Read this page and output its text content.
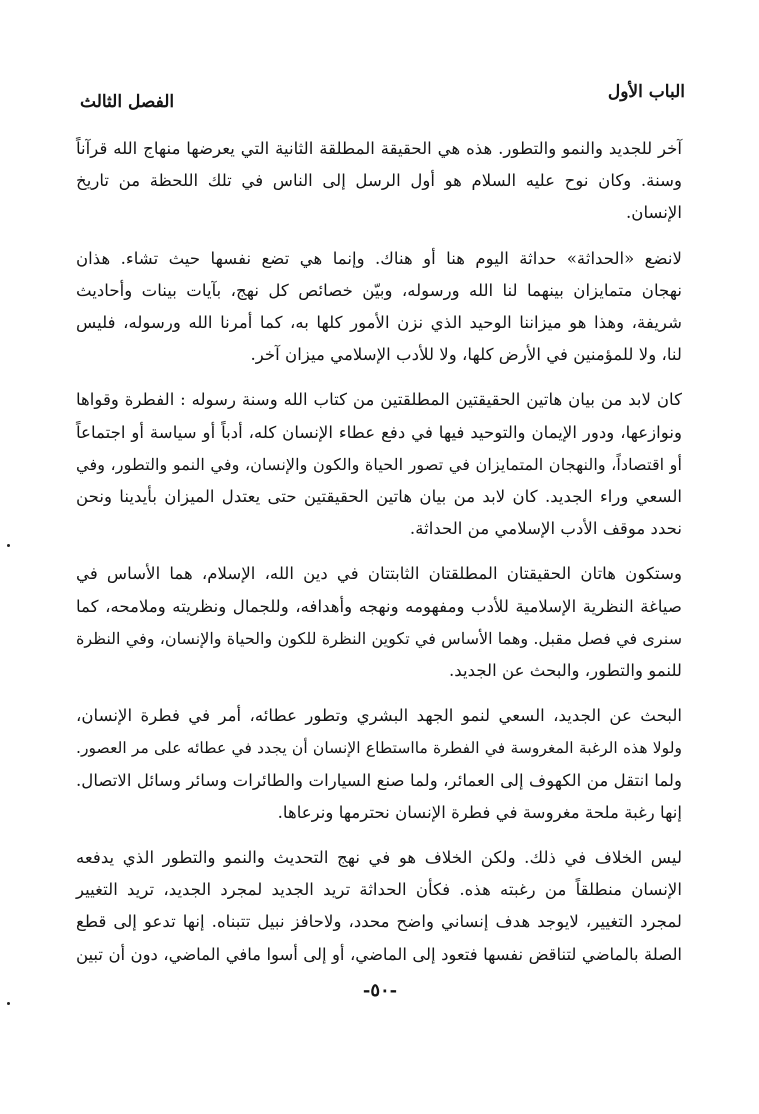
الباب الأول
الفصل الثالث
آخر للجديد والنمو والتطور. هذه هي الحقيقة المطلقة الثانية التي يعرضها منهاج الله قرآناً
وسنة. وكان نوح عليه السلام هو أول الرسل إلى الناس في تلك اللحظة من تاريخ
الإنسان.
لانضع «الحداثة» حداثة اليوم هنا أو هناك. وإنما هي تضع نفسها حيث تشاء. هذان
نهجان متمايزان بينهما لنا الله ورسوله، وبيّن خصائص كل نهج، بآيات بينات وأحاديث
شريفة، وهذا هو ميزاننا الوحيد الذي نزن الأمور كلها به، كما أمرنا الله ورسوله، فليس
لنا، ولا للمؤمنين في الأرض كلها، ولا للأدب الإسلامي ميزان آخر.
كان لابد من بيان هاتين الحقيقتين المطلقتين من كتاب الله وسنة رسوله : الفطرة وقواها
ونوازعها، ودور الإيمان والتوحيد فيها في دفع عطاء الإنسان كله، أدباً أو سياسة أو اجتماعاً
أو اقتصاداً، والنهجان المتمايزان في تصور الحياة والكون والإنسان، وفي النمو والتطور، وفي
السعي وراء الجديد. كان لابد من بيان هاتين الحقيقتين حتى يعتدل الميزان بأيدينا ونحن
نحدد موقف الأدب الإسلامي من الحداثة.
وستكون هاتان الحقيقتان المطلقتان الثابتتان في دين الله، الإسلام، هما الأساس في
صياغة النظرية الإسلامية للأدب ومفهومه ونهجه وأهدافه، وللجمال ونظريته وملامحه، كما
سنرى في فصل مقبل. وهما الأساس في تكوين النظرة للكون والحياة والإنسان، وفي النظرة
للنمو والتطور، والبحث عن الجديد.
البحث عن الجديد، السعي لنمو الجهد البشري وتطور عطائه، أمر في فطرة الإنسان،
ولولا هذه الرغبة المغروسة في الفطرة مااستطاع الإنسان أن يجدد في عطائه على مر العصور.
ولما انتقل من الكهوف إلى العمائر، ولما صنع السيارات والطائرات وسائر وسائل الاتصال.
إنها رغبة ملحة مغروسة في فطرة الإنسان نحترمها ونرعاها.
ليس الخلاف في ذلك. ولكن الخلاف هو في نهج التحديث والنمو والتطور الذي يدفعه
الإنسان منطلقاً من رغبته هذه. فكأن الحداثة تريد الجديد لمجرد الجديد، تريد التغيير
لمجرد التغيير، لايوجد هدف إنساني واضح محدد، ولاحافز نبيل تتبناه. إنها تدعو إلى قطع
الصلة بالماضي لتناقض نفسها فتعود إلى الماضي، أو إلى أسوا مافي الماضي، دون أن تبين
-٥٠-
